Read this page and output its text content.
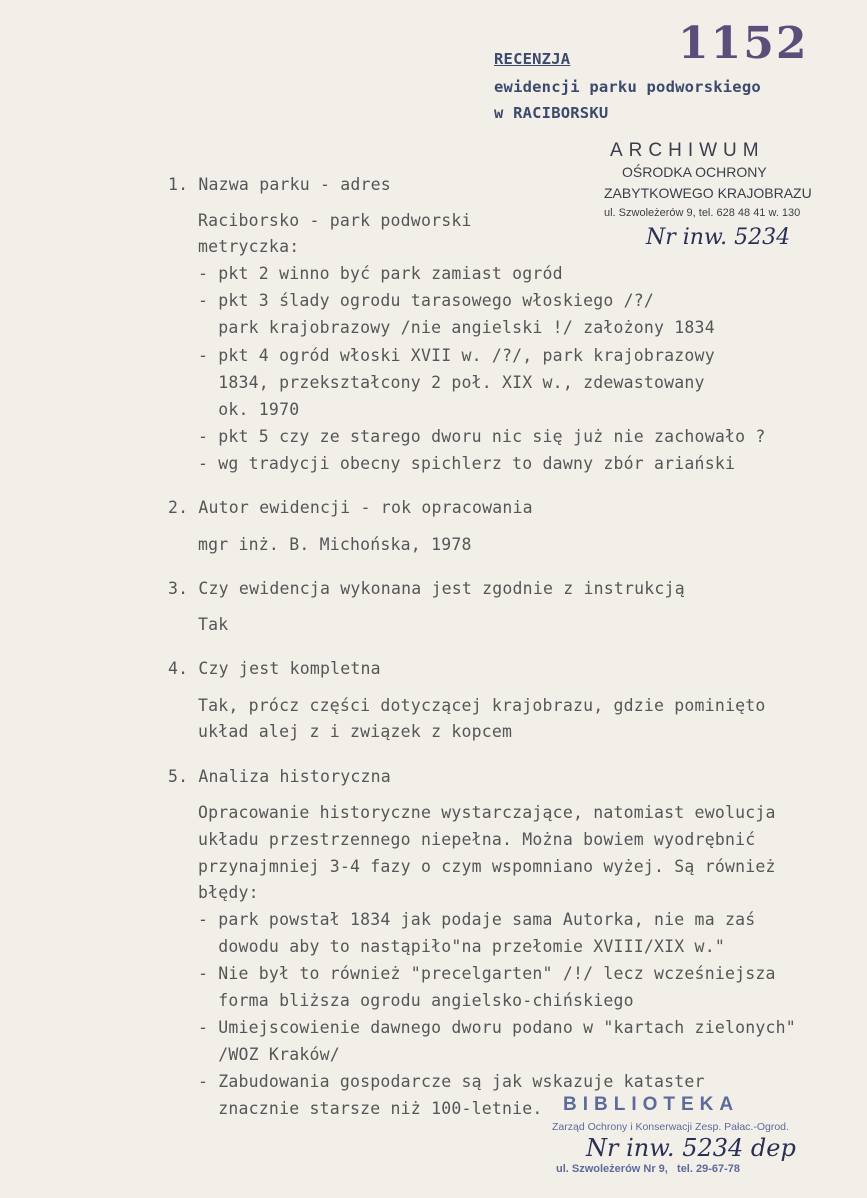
RECENZJA
ewidencji parku podworskiego
w RACIBORSKU
1152
ARCHIWUM
OŚRODKA OCHRONY
ZABYTKOWEGO KRAJOBRAZU
ul. Szwoleżerów 9, tel. 628 48 41 w. 130
Nr inw. 5234
1. Nazwa parku - adres
Raciborsko - park podworski
metryczka:
- pkt 2 winno być park zamiast ogród
- pkt 3 ślady ogrodu tarasowego włoskiego /?/
park krajobrazowy /nie angielski !/ założony 1834
- pkt 4 ogród włoski XVII w. /?/, park krajobrazowy
1834, przekształcony 2 poł. XIX w., zdewastowany
ok. 1970
- pkt 5 czy ze starego dworu nic się już nie zachowało ?
- wg tradycji obecny spichlerz to dawny zbór ariański
2. Autor ewidencji - rok opracowania
mgr inż. B. Michońska, 1978
3. Czy ewidencja wykonana jest zgodnie z instrukcją
Tak
4. Czy jest kompletna
Tak, prócz części dotyczącej krajobrazu, gdzie pominięto
układ alej z i związek z kopcem
5. Analiza historyczna
Opracowanie historyczne wystarczające, natomiast ewolucja
układu przestrzennego niepełna. Można bowiem wyodrębnić
przynajmniej 3-4 fazy o czym wspomniano wyżej. Są również
błędy:
- park powstał 1834 jak podaje sama Autorka, nie ma zaś
dowodu aby to nastąpiło"na przełomie XVIII/XIX w."
- Nie był to również "precelgarten" /!/ lecz wcześniejsza
forma bliższa ogrodu angielsko-chińskiego
- Umiejscowienie dawnego dworu podano w "kartach zielonych"
/WOZ Kraków/
- Zabudowania gospodarcze są jak wskazuje kataster
znacznie starsze niż 100-letnie. BIBLIOTEKA
Zarząd Ochrony i Konserwacji Zesp. Pałac.-Ogrod.
ul. Szwoleżerów Nr 9,   tel. 29-67-78
Nr inw. 5234 dep
